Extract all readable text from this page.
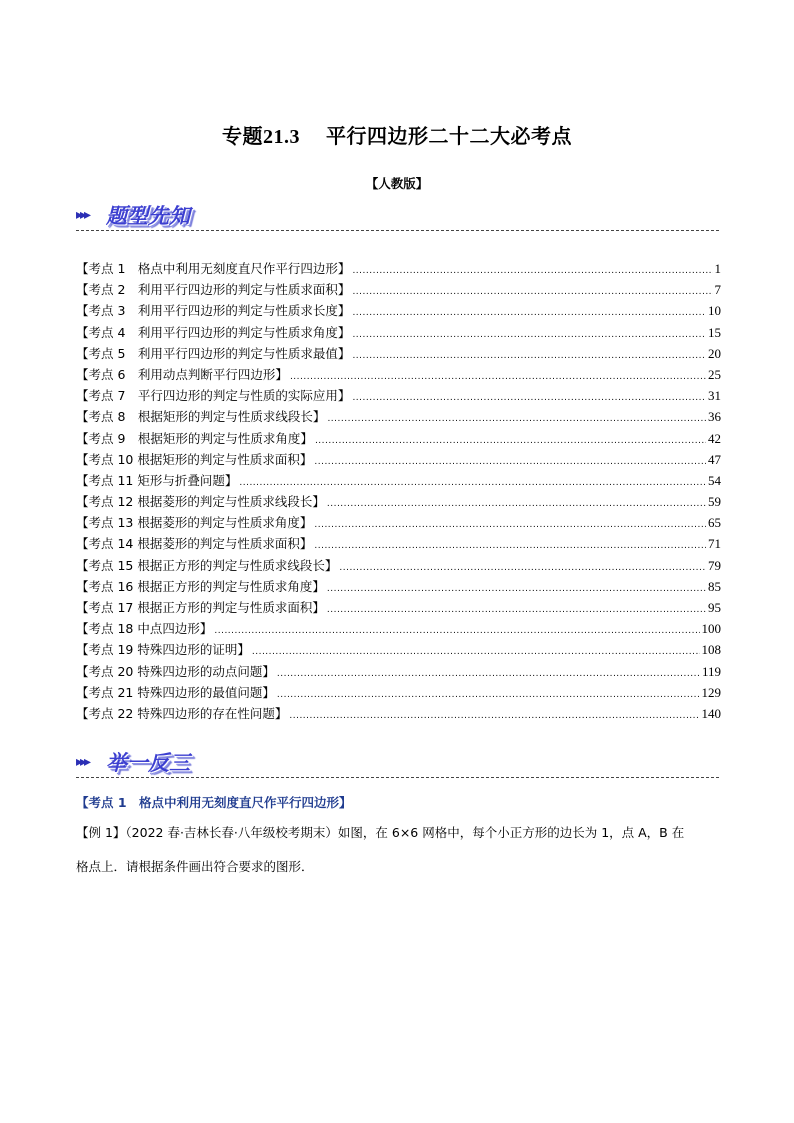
专题21.3 平行四边形二十二大必考点
【人教版】
▸▸▸ 题型先知
【考点 1　格点中利用无刻度直尺作平行四边形】 .....	1
【考点 2　利用平行四边形的判定与性质求面积】 .....	7
【考点 3　利用平行四边形的判定与性质求长度】 .....	10
【考点 4　利用平行四边形的判定与性质求角度】 .....	15
【考点 5　利用平行四边形的判定与性质求最值】 .....	20
【考点 6　利用动点判断平行四边形】 .....	25
【考点 7　平行四边形的判定与性质的实际应用】 .....	31
【考点 8　根据矩形的判定与性质求线段长】 .....	36
【考点 9　根据矩形的判定与性质求角度】 .....	42
【考点 10 根据矩形的判定与性质求面积】 .....	47
【考点 11 矩形与折叠问题】 .....	54
【考点 12 根据菱形的判定与性质求线段长】 .....	59
【考点 13 根据菱形的判定与性质求角度】 .....	65
【考点 14 根据菱形的判定与性质求面积】 .....	71
【考点 15 根据正方形的判定与性质求线段长】 .....	79
【考点 16 根据正方形的判定与性质求角度】 .....	85
【考点 17 根据正方形的判定与性质求面积】 .....	95
【考点 18 中点四边形】 .....	100
【考点 19 特殊四边形的证明】 .....	108
【考点 20 特殊四边形的动点问题】 .....	119
【考点 21 特殊四边形的最值问题】 .....	129
【考点 22 特殊四边形的存在性问题】 .....	140
▸▸▸ 举一反三
【考点 1　格点中利用无刻度直尺作平行四边形】
【例 1】（2022 春·吉林长春·八年级校考期末）如图，在 6×6 网格中，每个小正方形的边长为 1，点 A，B 在
格点上．请根据条件画出符合要求的图形．
